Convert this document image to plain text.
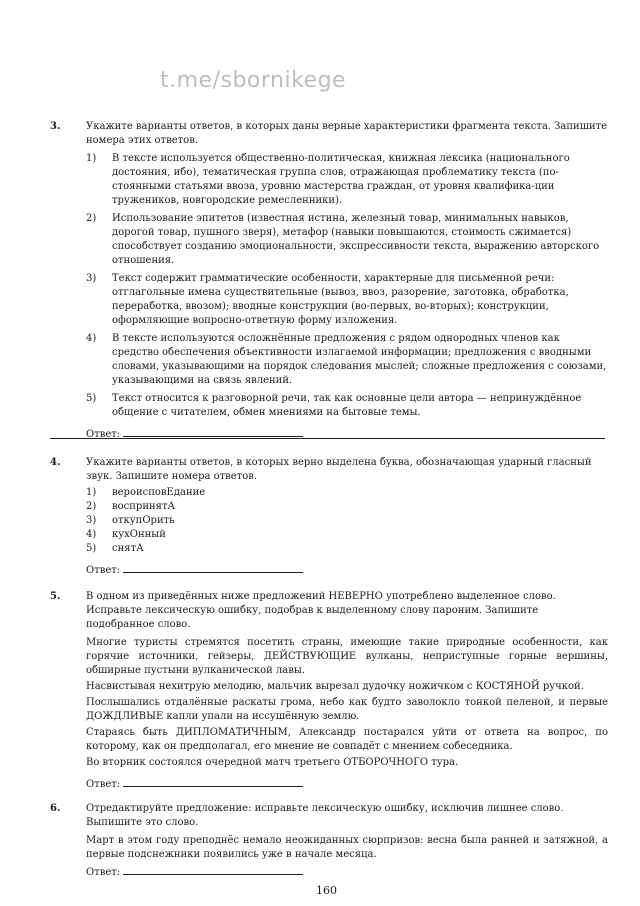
t.me/sbornikege
3.	Укажите варианты ответов, в которых даны верные характеристики фрагмента текста. Запишите номера этих ответов.
1) В тексте используется общественно-политическая, книжная лексика (национального достояния, ибо), тематическая группа слов, отражающая проблематику текста (по-стоянными статьями ввоза, уровню мастерства граждан, от уровня квалифика-ции тружеников, новгородские ремесленники).
2) Использование эпитетов (известная истина, железный товар, минимальных навыков, дорогой товар, пушного зверя), метафор (навыки повышаются, стоимость сжимается) способствует созданию эмоциональности, экспрессивности текста, выражению авторского отношения.
3) Текст содержит грамматические особенности, характерные для письменной речи: отглагольные имена существительные (вывоз, ввоз, разорение, заготовка, обработка, переработка, ввозом); вводные конструкции (во-первых, во-вторых); конструкции, оформляющие вопросно-ответную форму изложения.
4) В тексте используются осложнённые предложения с рядом однородных членов как средство обеспечения объективности излагаемой информации; предложения с вводными словами, указывающими на порядок следования мыслей; сложные предложения с союзами, указывающими на связь явлений.
5) Текст относится к разговорной речи, так как основные цели автора — непринуждённое общение с читателем, обмен мнениями на бытовые темы.
Ответ:
4.	Укажите варианты ответов, в которых верно выделена буква, обозначающая ударный гласный звук. Запишите номера ответов.
1) вероисповЕдание
2) воспринятА
3) откупОрить
4) кухОнный
5) снятА
Ответ:
5.	В одном из приведённых ниже предложений НЕВЕРНО употреблено выделенное слово. Исправьте лексическую ошибку, подобрав к выделенному слову пароним. Запишите подобранное слово.
Многие туристы стремятся посетить страны, имеющие такие природные особенности, как горячие источники, гейзеры, ДЕЙСТВУЮЩИЕ вулканы, неприступные горные вершины, обширные пустыни вулканической лавы.
Насвистывая нехитрую мелодию, мальчик вырезал дудочку ножичком с КОСТЯНОЙ ручкой.
Послышались отдалённые раскаты грома, небо как будто заволокло тонкой пеленой, и первые ДОЖДЛИВЫЕ капли упали на иссушённую землю.
Стараясь быть ДИПЛОМАТИЧНЫМ, Александр постарался уйти от ответа на вопрос, по которому, как он предполагал, его мнение не совпадёт с мнением собеседника.
Во вторник состоялся очередной матч третьего ОТБОРОЧНОГО тура.
Ответ:
6.	Отредактируйте предложение: исправьте лексическую ошибку, исключив лишнее слово. Выпишите это слово.
Март в этом году преподнёс немало неожиданных сюрпризов: весна была ранней и затяжной, а первые подснежники появились уже в начале месяца.
Ответ:
160
